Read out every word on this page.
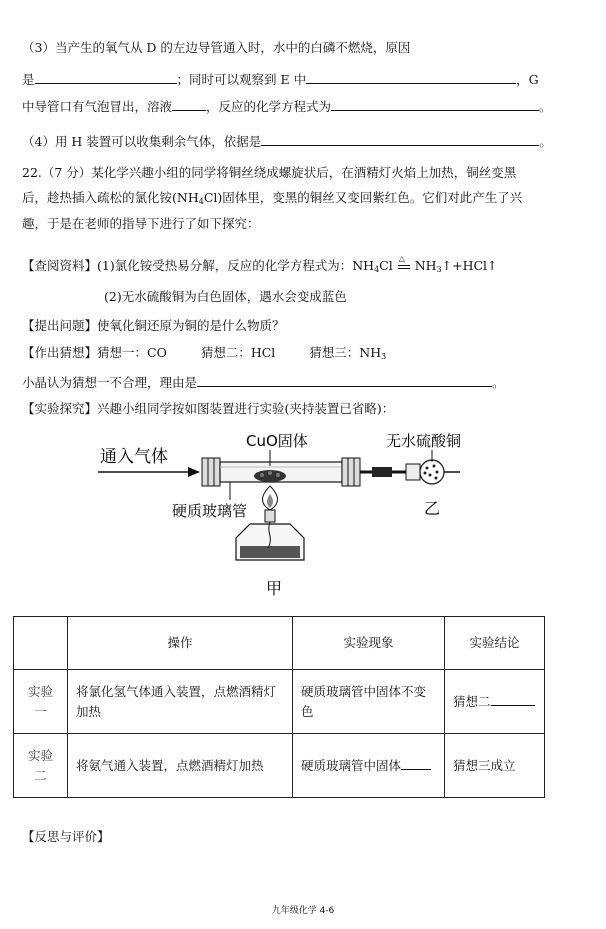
（3）当产生的氧气从 D 的左边导管通入时，水中的白磷不燃烧，原因
是	；同时可以观察到 E 中	，G
中导管口有气泡冒出，溶液	，反应的化学方程式为	。
（4）用 H 装置可以收集剩余气体，依据是	。
22.（7 分）某化学兴趣小组的同学将铜丝绕成螺旋状后，在酒精灯火焰上加热，铜丝变黑
后，趁热插入疏松的氯化铵$(NH_4Cl)$固体里，变黑的铜丝又变回紫红色。它们对此产生了兴
趣，于是在老师的指导下进行了如下探究：
【查阅资料】(1)氯化铵受热易分解，反应的化学方程式为：$NH_4Cl$ △ $NH_3↑+HCl↑$
(2)无水硫酸铜为白色固体，遇水会变成蓝色
【提出问题】使氧化铜还原为铜的是什么物质？
【作出猜想】猜想一：CO	猜想二：HCl	猜想三：$NH_3$
小晶认为猜想一不合理，理由是	。
【实验探究】兴趣小组同学按如图装置进行实验(夹持装置已省略)：
通入气体
CuO固体	无水硫酸铜
乙
硬质玻璃管
甲
	操作	实验现象	实验结论
实验一	将氯化氢气体通入装置，点燃酒精灯加热	硬质玻璃管中固体不变色	猜想二
实验二	将氨气通入装置，点燃酒精灯加热	硬质玻璃管中固体	猜想三成立
【反思与评价】
九年级化学 4-6
